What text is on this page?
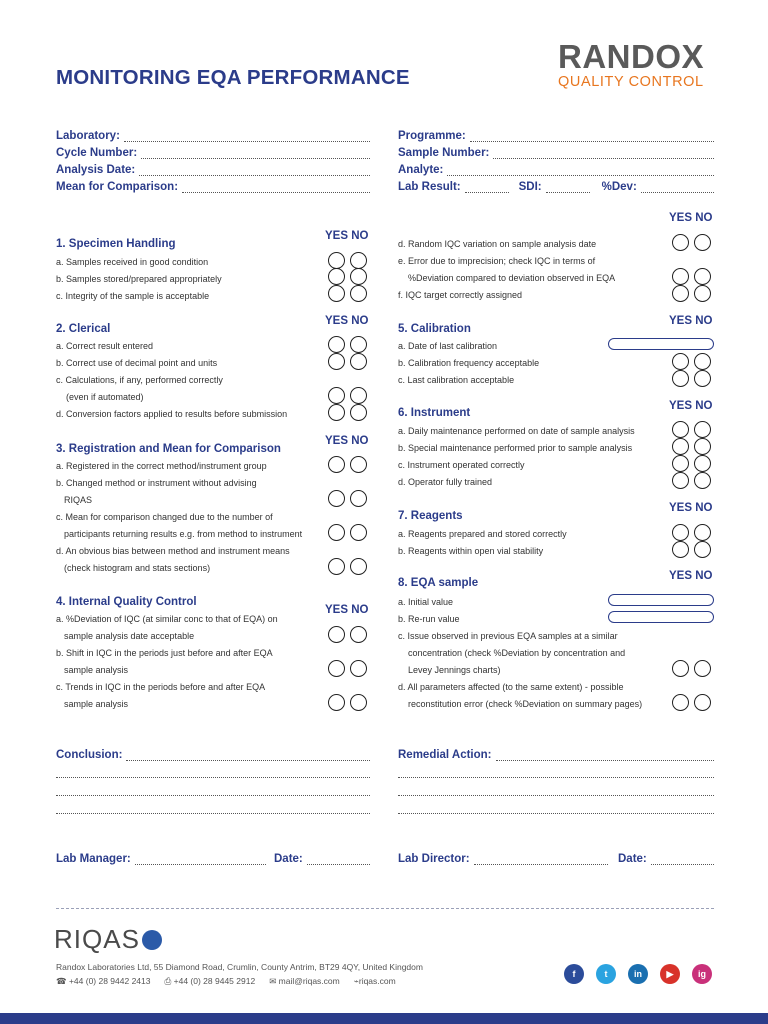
MONITORING EQA PERFORMANCE
RANDOX
QUALITY CONTROL
Laboratory:
Cycle Number:
Analysis Date:
Mean for Comparison:
Programme:
Sample Number:
Analyte:
Lab Result:	SDI:	%Dev:
1. Specimen Handling
YES NO
a. Samples received in good condition
b. Samples stored/prepared appropriately
c. Integrity of the sample is acceptable
2. Clerical
YES NO
a. Correct result entered
b. Correct use of decimal point and units
c. Calculations, if any, performed correctly
(even if automated)
d. Conversion factors applied to results before submission
3. Registration and Mean for Comparison
YES NO
a. Registered in the correct method/instrument group
b. Changed method or instrument without advising
RIQAS
c. Mean for comparison changed due to the number of
participants returning results e.g. from method to instrument
d. An obvious bias between method and instrument means
(check histogram and stats sections)
4. Internal Quality Control
YES NO
a. %Deviation of IQC (at similar conc to that of EQA) on
sample analysis date acceptable
b. Shift in IQC in the periods just before and after EQA
sample analysis
c. Trends in IQC in the periods before and after EQA
sample analysis
YES NO
d. Random IQC variation on sample analysis date
e. Error due to imprecision; check IQC in terms of
%Deviation compared to deviation observed in EQA
f. IQC target correctly assigned
5. Calibration
YES NO
a. Date of last calibration
b. Calibration frequency acceptable
c. Last calibration acceptable
6. Instrument
YES NO
a. Daily maintenance performed on date of sample analysis
b. Special maintenance performed prior to sample analysis
c. Instrument operated correctly
d. Operator fully trained
7. Reagents
YES NO
a. Reagents prepared and stored correctly
b. Reagents within open vial stability
8. EQA sample
YES NO
a. Initial value
b. Re-run value
c. Issue observed in previous EQA samples at a similar
concentration (check %Deviation by concentration and
Levey Jennings charts)
d. All parameters affected (to the same extent) - possible
reconstitution error (check %Deviation on summary pages)
Conclusion:	Remedial Action:
Lab Manager:	Date:	Lab Director:	Date:
RIQAS
Randox Laboratories Ltd, 55 Diamond Road, Crumlin, County Antrim, BT29 4QY, United Kingdom
☎ +44 (0) 28 9442 2413 ⎙ +44 (0) 28 9445 2912 ✉ mail@riqas.com ⌁riqas.com
f	t	in	▶	ig
